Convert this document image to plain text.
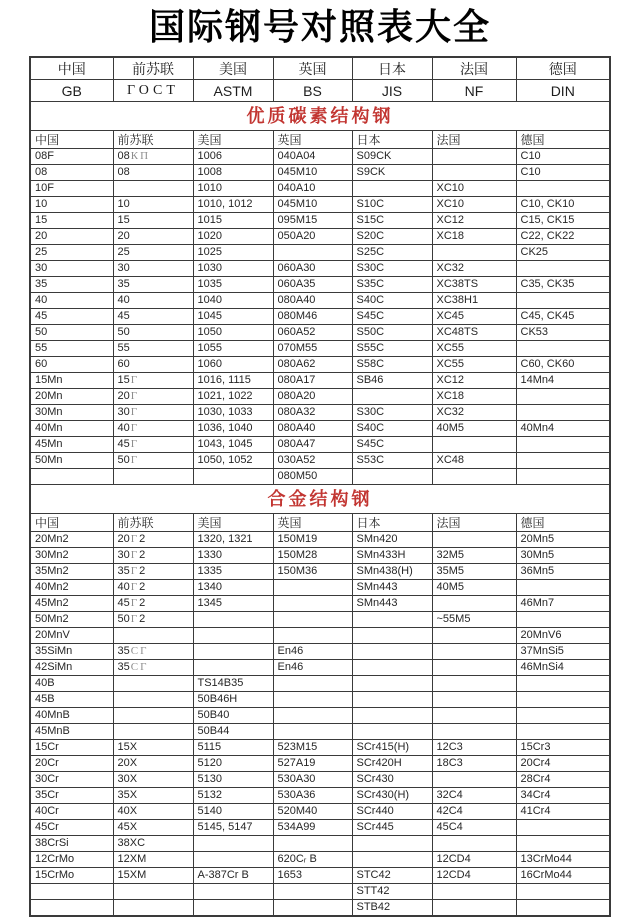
国际钢号对照表大全
中国	前苏联	美国	英国	日本	法国	德国
GB	ГОСТ	ASTM	BS	JIS	NF	DIN
优质碳素结构钢						
中国	前苏联	美国	英国	日本	法国	德国
08F	08КП	1006	040A04	S09CK		C10
08	08	1008	045M10	S9CK		C10
10F		1010	040A10		XC10	
10	10	1010, 1012	045M10	S10C	XC10	C10, CK10
15	15	1015	095M15	S15C	XC12	C15, CK15
20	20	1020	050A20	S20C	XC18	C22, CK22
25	25	1025		S25C		CK25
30	30	1030	060A30	S30C	XC32	
35	35	1035	060A35	S35C	XC38TS	C35, CK35
40	40	1040	080A40	S40C	XC38H1	
45	45	1045	080M46	S45C	XC45	C45, CK45
50	50	1050	060A52	S50C	XC48TS	CK53
55	55	1055	070M55	S55C	XC55	
60	60	1060	080A62	S58C	XC55	C60, CK60
15Mn	15Г	1016, 1115	080A17	SB46	XC12	14Mn4
20Mn	20Г	1021, 1022	080A20		XC18	
30Mn	30Г	1030, 1033	080A32	S30C	XC32	
40Mn	40Г	1036, 1040	080A40	S40C	40M5	40Mn4
45Mn	45Г	1043, 1045	080A47	S45C		
50Mn	50Г	1050, 1052	030A52	S53C	XC48	
			080M50			
合金结构钢						
中国	前苏联	美国	英国	日本	法国	德国
20Mn2	20Г2	1320, 1321	150M19	SMn420		20Mn5
30Mn2	30Г2	1330	150M28	SMn433H	32M5	30Mn5
35Mn2	35Г2	1335	150M36	SMn438(H)	35M5	36Mn5
40Mn2	40Г2	1340		SMn443	40M5	
45Mn2	45Г2	1345		SMn443		46Mn7
50Mn2	50Г2				~55M5	
20MnV						20MnV6
35SiMn	35СГ		En46			37MnSi5
42SiMn	35СГ		En46			46MnSi4
40B		TS14B35				
45B		50B46H				
40MnB		50B40				
45MnB		50B44				
15Cr	15X	5115	523M15	SCr415(H)	12C3	15Cr3
20Cr	20X	5120	527A19	SCr420H	18C3	20Cr4
30Cr	30X	5130	530A30	SCr430		28Cr4
35Cr	35X	5132	530A36	SCr430(H)	32C4	34Cr4
40Cr	40X	5140	520M40	SCr440	42C4	41Cr4
45Cr	45X	5145, 5147	534A99	SCr445	45C4	
38CrSi	38XC					
12CrMo	12XM		620Cᵣ B		12CD4	13CrMo44
15CrMo	15XM	A-387Cr B	1653	STC42	12CD4	16CrMo44
				STT42		
				STB42		
